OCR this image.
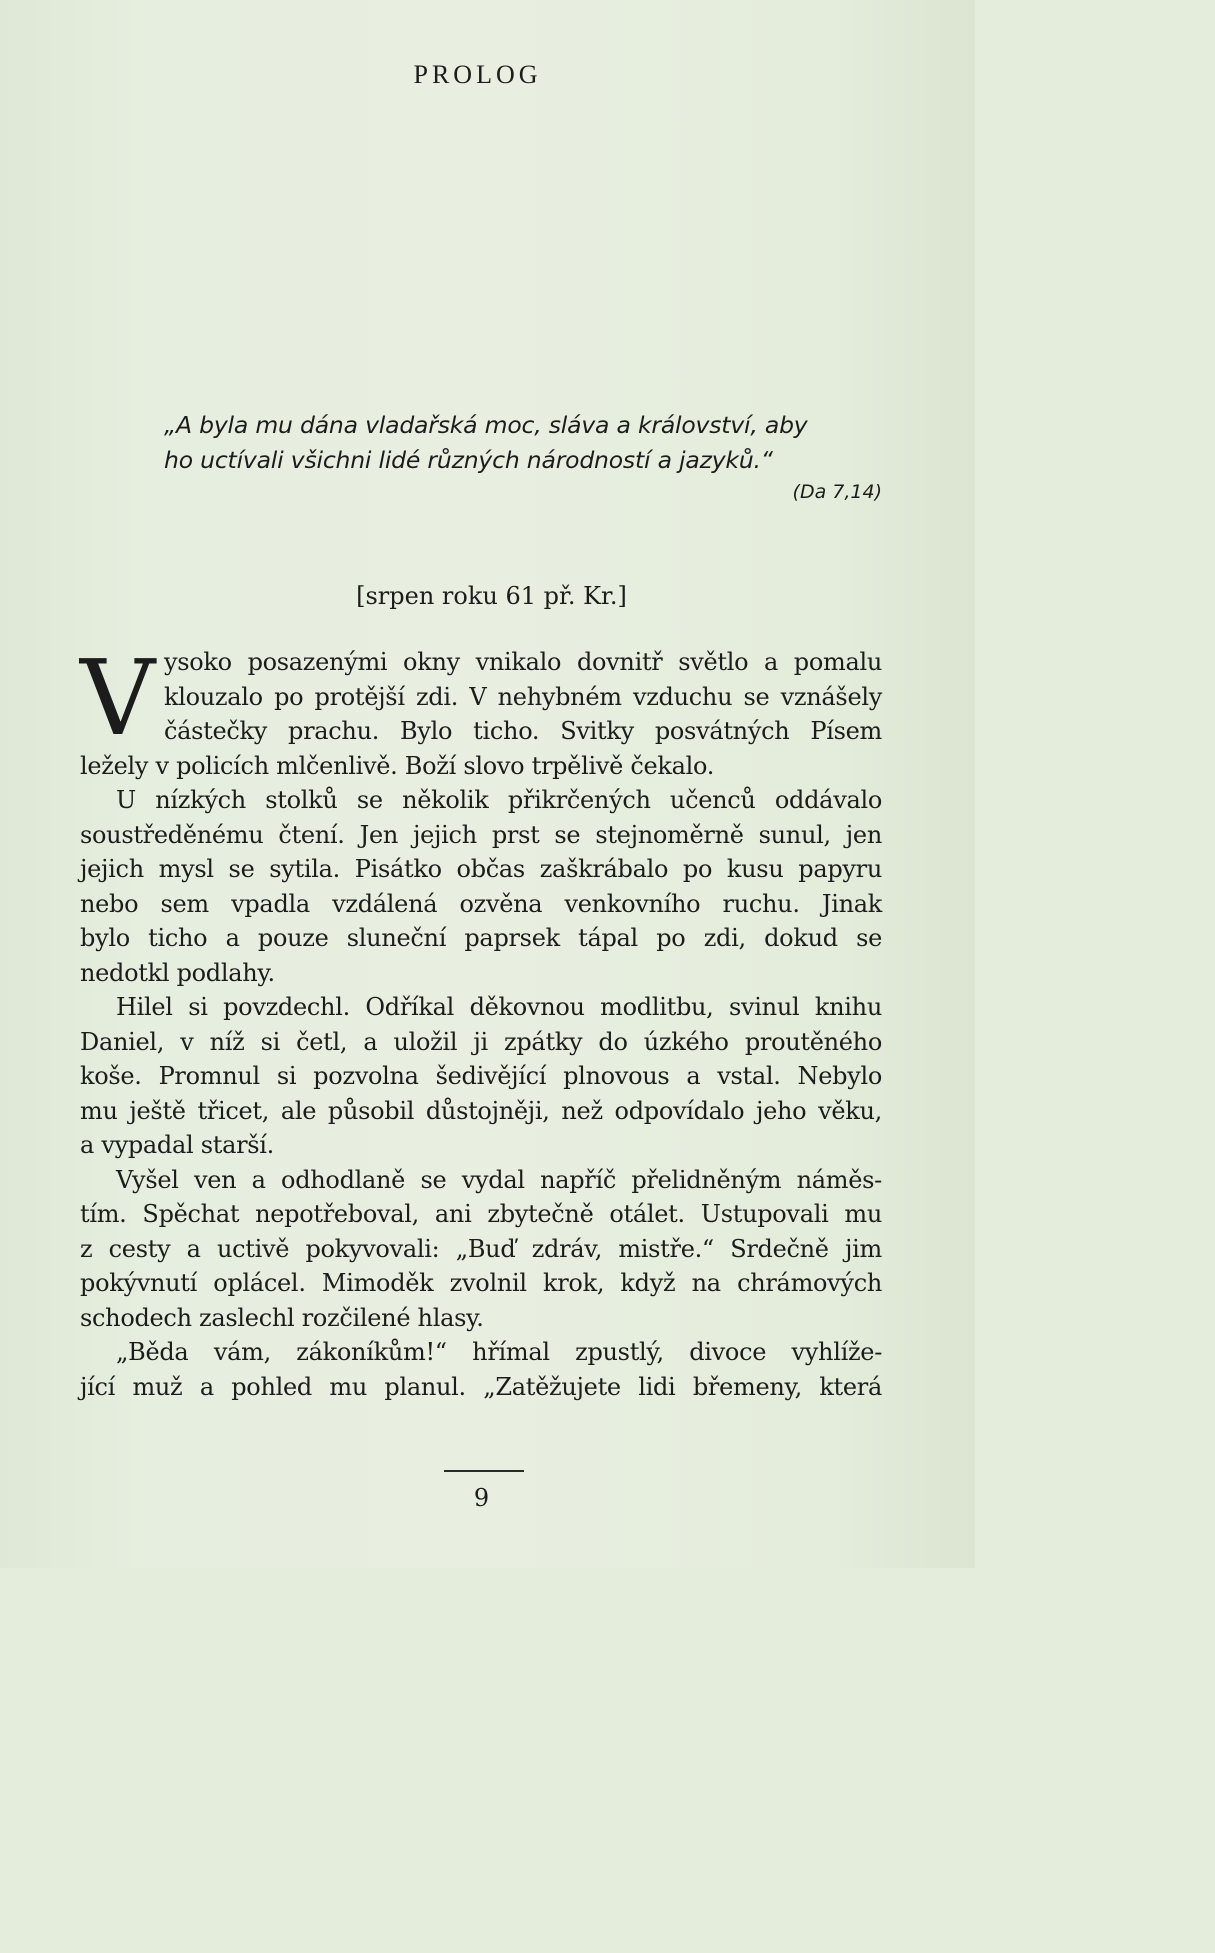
PROLOG
„A byla mu dána vladařská moc, sláva a království, aby
ho uctívali všichni lidé různých národností a jazyků.“
(Da 7,14)
[srpen roku 61 př. Kr.]
V ysoko posazenými okny vnikalo dovnitř světlo a pomalu
klouzalo po protější zdi. V nehybném vzduchu se vznášely
částečky prachu. Bylo ticho. Svitky posvátných Písem
ležely v policích mlčenlivě. Boží slovo trpělivě čekalo.
U nízkých stolků se několik přikrčených učenců oddávalo
soustředěnému čtení. Jen jejich prst se stejnoměrně sunul, jen
jejich mysl se sytila. Pisátko občas zaškrábalo po kusu papyru
nebo sem vpadla vzdálená ozvěna venkovního ruchu. Jinak
bylo ticho a pouze sluneční paprsek tápal po zdi, dokud se
nedotkl podlahy.
Hilel si povzdechl. Odříkal děkovnou modlitbu, svinul knihu
Daniel, v níž si četl, a uložil ji zpátky do úzkého proutěného
koše. Promnul si pozvolna šedivějící plnovous a vstal. Nebylo
mu ještě třicet, ale působil důstojněji, než odpovídalo jeho věku,
a vypadal starší.
Vyšel ven a odhodlaně se vydal napříč přelidněným náměs-
tím. Spěchat nepotřeboval, ani zbytečně otálet. Ustupovali mu
z cesty a uctivě pokyvovali: „Buď zdráv, mistře.“ Srdečně jim
pokývnutí oplácel. Mimoděk zvolnil krok, když na chrámových
schodech zaslechl rozčilené hlasy.
„Běda vám, zákoníkům!“ hřímal zpustlý, divoce vyhlíže-
jící muž a pohled mu planul. „Zatěžujete lidi břemeny, která
9
